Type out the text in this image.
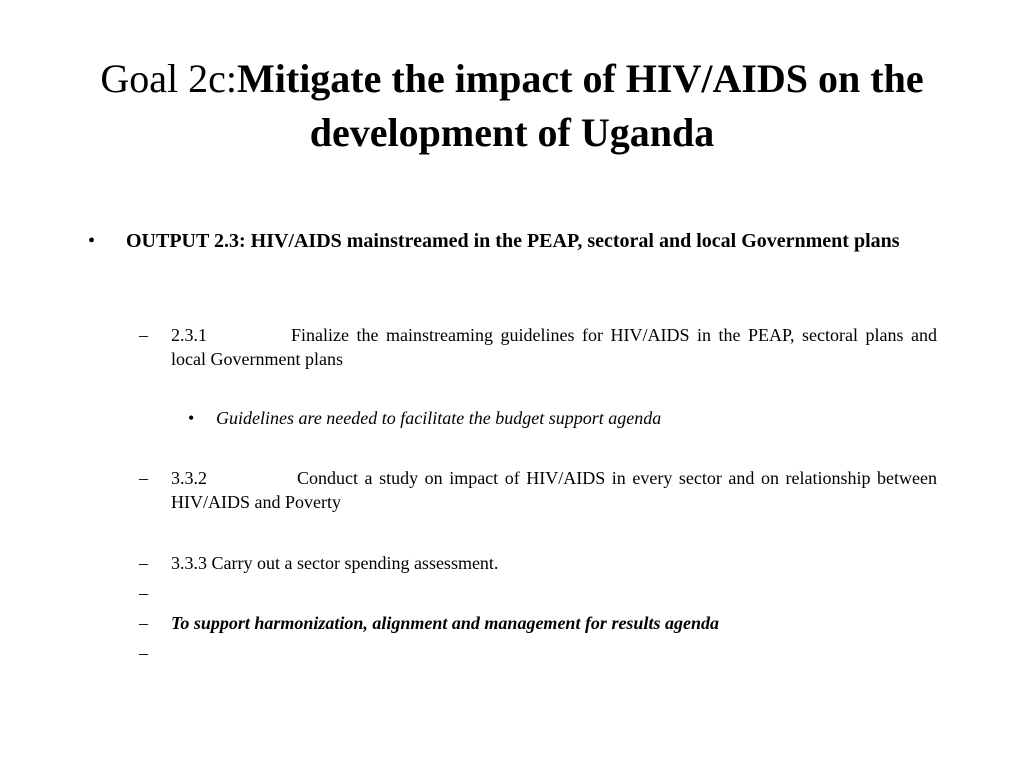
Goal 2c:Mitigate the impact of HIV/AIDS on the development of Uganda
• OUTPUT 2.3: HIV/AIDS mainstreamed in the PEAP, sectoral and local Government plans
– 2.3.1	Finalize the mainstreaming guidelines for HIV/AIDS in the PEAP, sectoral plans and local Government plans
• Guidelines are needed to facilitate the budget support agenda
– 3.3.2	Conduct a study on impact of HIV/AIDS in every sector and on relationship between HIV/AIDS and Poverty
– 3.3.3 Carry out a sector spending assessment.
–
– To support harmonization, alignment and management for results agenda
–
